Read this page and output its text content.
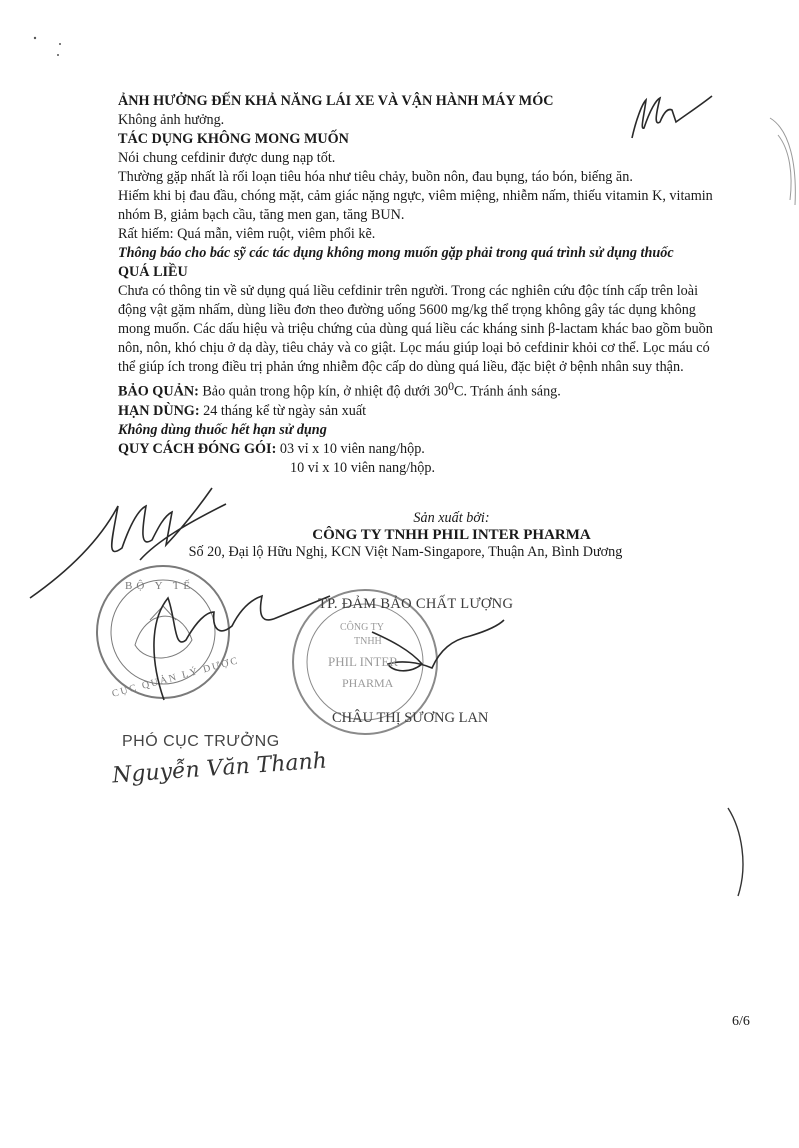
ẢNH HƯỞNG ĐẾN KHẢ NĂNG LÁI XE VÀ VẬN HÀNH MÁY MÓC

Không ảnh hưởng.

TÁC DỤNG KHÔNG MONG MUỐN

Nói chung cefdinir được dung nạp tốt.

Thường gặp nhất là rối loạn tiêu hóa như tiêu chảy, buồn nôn, đau bụng, táo bón, biếng ăn.

Hiếm khi bị đau đầu, chóng mặt, cảm giác nặng ngực, viêm miệng, nhiễm nấm, thiếu vitamin K, vitamin nhóm B, giảm bạch cầu, tăng men gan, tăng BUN.

Rất hiếm: Quá mẫn, viêm ruột, viêm phổi kẽ.

Thông báo cho bác sỹ các tác dụng không mong muốn gặp phải trong quá trình sử dụng thuốc

QUÁ LIỀU

Chưa có thông tin về sử dụng quá liều cefdinir trên người. Trong các nghiên cứu độc tính cấp trên loài động vật gặm nhấm, dùng liều đơn theo đường uống 5600 mg/kg thể trọng không gây tác dụng không mong muốn. Các dấu hiệu và triệu chứng của dùng quá liều các kháng sinh β-lactam khác bao gồm buồn nôn, nôn, khó chịu ở dạ dày, tiêu chảy và co giật. Lọc máu giúp loại bỏ cefdinir khỏi cơ thể. Lọc máu có thể giúp ích trong điều trị phản ứng nhiễm độc cấp do dùng quá liều, đặc biệt ở bệnh nhân suy thận.

BẢO QUẢN: Bảo quản trong hộp kín, ở nhiệt độ dưới $30^0C$. Tránh ánh sáng.

HẠN DÙNG: 24 tháng kể từ ngày sản xuất

Không dùng thuốc hết hạn sử dụng

QUY CÁCH ĐÓNG GÓI: 03 vỉ x 10 viên nang/hộp.

10 vỉ x 10 viên nang/hộp.

Sản xuất bởi:
CÔNG TY TNHH PHIL INTER PHARMA
Số 20, Đại lộ Hữu Nghị, KCN Việt Nam-Singapore, Thuận An, Bình Dương
TP. ĐẢM BẢO CHẤT LƯỢNG
CHÂU THỊ SƯƠNG LAN
BỘ Y TẾ
CỤC QUẢN LÝ DƯỢC
CÔNG TY
TNHH
PHIL INTER
PHARMA
PHÓ CỤC TRƯỞNG
Nguyễn Văn Thanh
6/6
